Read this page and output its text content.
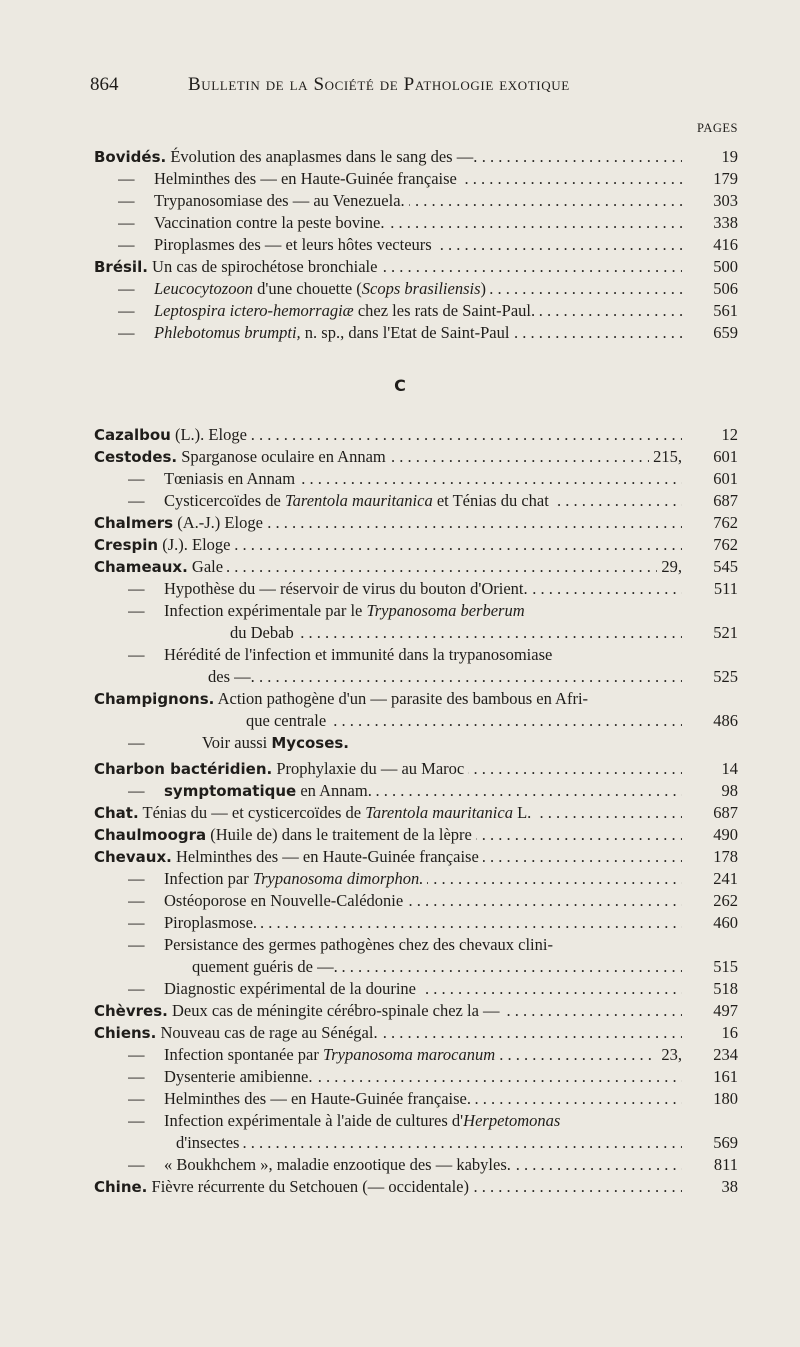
864	Bulletin de la Société de Pathologie exotique
PAGES
C
Bovidés. Évolution des anaplasmes dans le sang des —. . . .	19
— Helminthes des — en Haute-Guinée française . . .	179
— Trypanosomiase des — au Venezuela. . . .	303
— Vaccination contre la peste bovine. . . .	338
— Piroplasmes des — et leurs hôtes vecteurs . . .	416
Brésil. Un cas de spirochétose bronchiale . . .	500
— Leucocytozoon d'une chouette (Scops brasiliensis) . . .	506
— Leptospira ictero-hemorragiæ chez les rats de Saint-Paul. . . .	561
— Phlebotomus brumpti, n. sp., dans l'Etat de Saint-Paul . . .	659
Cazalbou (L.). Eloge . . .	12
Cestodes. Sparganose oculaire en Annam . . .	215,	601
— Tœniasis en Annam . . .	601
— Cysticercoïdes de Tarentola mauritanica et Ténias du chat . . .	687
Chalmers (A.-J.) Eloge . . .	762
Crespin (J.). Eloge . . .	762
Chameaux. Gale . . .	29,	545
— Hypothèse du — réservoir de virus du bouton d'Orient. . . .	511
— Infection expérimentale par le Trypanosoma berberum
du Debab . . .	521
— Hérédité de l'infection et immunité dans la trypanosomiase
des —. . . .	525
Champignons. Action pathogène d'un — parasite des bambous en Afri-
que centrale . . .	486
—	Voir aussi Mycoses.
Charbon bactéridien. Prophylaxie du — au Maroc . . .	14
— symptomatique en Annam. . . .	98
Chat. Ténias du — et cysticercoïdes de Tarentola mauritanica L. . . .	687
Chaulmoogra (Huile de) dans le traitement de la lèpre . . .	490
Chevaux. Helminthes des — en Haute-Guinée française . . .	178
— Infection par Trypanosoma dimorphon. . . .	241
— Ostéoporose en Nouvelle-Calédonie . . .	262
— Piroplasmose. . . .	460
— Persistance des germes pathogènes chez des chevaux clini-
quement guéris de —. . . .	515
— Diagnostic expérimental de la dourine . . .	518
Chèvres. Deux cas de méningite cérébro-spinale chez la — . . .	497
Chiens. Nouveau cas de rage au Sénégal. . . .	16
— Infection spontanée par Trypanosoma marocanum . . .	23,	234
— Dysenterie amibienne. . . .	161
— Helminthes des — en Haute-Guinée française. . . .	180
— Infection expérimentale à l'aide de cultures d'Herpetomonas
d'insectes . . .	569
— « Boukhchem », maladie enzootique des — kabyles. . . .	811
Chine. Fièvre récurrente du Setchouen (— occidentale) . . .	38
